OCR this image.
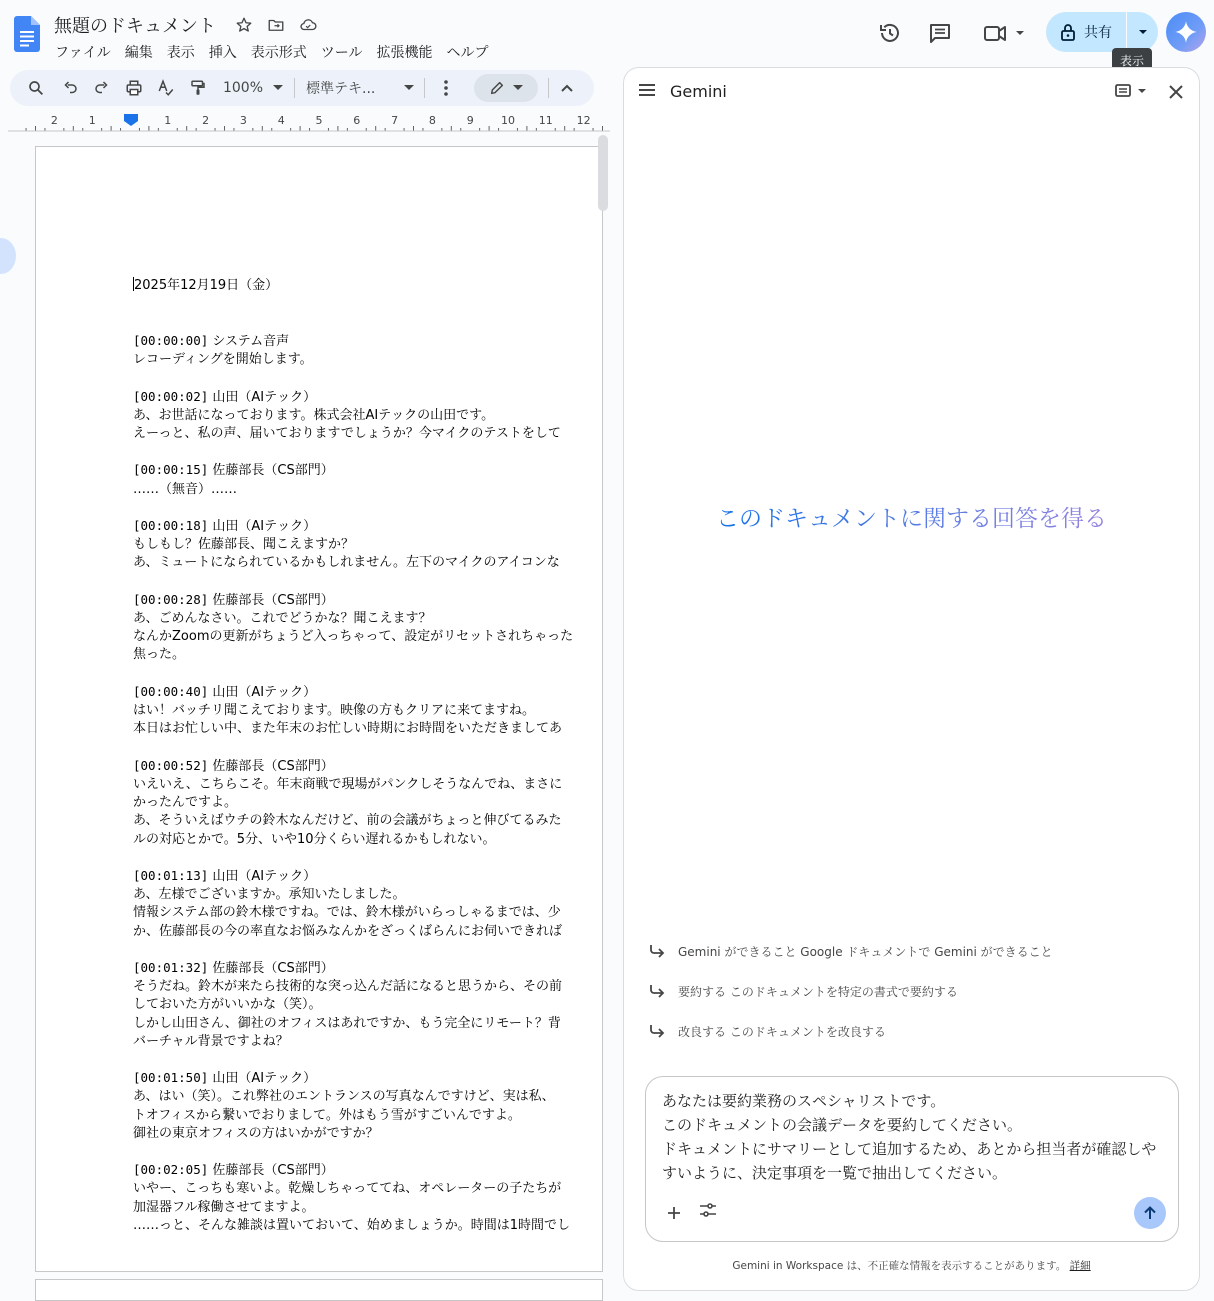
無題のドキュメント
ファイル	編集	表示	挿入	表示形式	ツール	拡張機能	ヘルプ
共有
表示
100%	標準テキ...
2	1	1	2	3	4	5	6	7	8	9 10 11 12

2025年12月19日（金）

[00:00:00] システム音声
レコーディングを開始します。

[00:00:02] 山田（AIテック）
あ、お世話になっております。株式会社AIテックの山田です。
えーっと、私の声、届いておりますでしょうか？今マイクのテストをして

[00:00:15] 佐藤部長（CS部門）
……（無音）……

[00:00:18] 山田（AIテック）
もしもし？佐藤部長、聞こえますか？
あ、ミュートになられているかもしれません。左下のマイクのアイコンな

[00:00:28] 佐藤部長（CS部門）
あ、ごめんなさい。これでどうかな？聞こえます？
なんかZoomの更新がちょうど入っちゃって、設定がリセットされちゃった
焦った。

[00:00:40] 山田（AIテック）
はい！バッチリ聞こえております。映像の方もクリアに来てますね。
本日はお忙しい中、また年末のお忙しい時期にお時間をいただきましてあ

[00:00:52] 佐藤部長（CS部門）
いえいえ、こちらこそ。年末商戦で現場がパンクしそうなんでね、まさに
かったんですよ。
あ、そういえばウチの鈴木なんだけど、前の会議がちょっと伸びてるみた
ルの対応とかで。5分、いや10分くらい遅れるかもしれない。

[00:01:13] 山田（AIテック）
あ、左様でございますか。承知いたしました。
情報システム部の鈴木様ですね。では、鈴木様がいらっしゃるまでは、少
か、佐藤部長の今の率直なお悩みなんかをざっくばらんにお伺いできれば

[00:01:32] 佐藤部長（CS部門）
そうだね。鈴木が来たら技術的な突っ込んだ話になると思うから、その前
しておいた方がいいかな（笑）。
しかし山田さん、御社のオフィスはあれですか、もう完全にリモート？背
バーチャル背景ですよね？

[00:01:50] 山田（AIテック）
あ、はい（笑）。これ弊社のエントランスの写真なんですけど、実は私、
トオフィスから繋いでおりまして。外はもう雪がすごいんですよ。
御社の東京オフィスの方はいかがですか？

[00:02:05] 佐藤部長（CS部門）
いやー、こっちも寒いよ。乾燥しちゃっててね、オペレーターの子たちが
加湿器フル稼働させてますよ。
……っと、そんな雑談は置いておいて、始めましょうか。時間は1時間でし

Gemini
このドキュメントに関する回答を得る
Gemini ができること Google ドキュメントで Gemini ができること
要約する このドキュメントを特定の書式で要約する
改良する このドキュメントを改良する
あなたは要約業務のスペシャリストです。
このドキュメントの会議データを要約してください。
ドキュメントにサマリーとして追加するため、あとから担当者が確認しやすいように、決定事項を一覧で抽出してください。
Gemini in Workspace は、不正確な情報を表示することがあります。 詳細
